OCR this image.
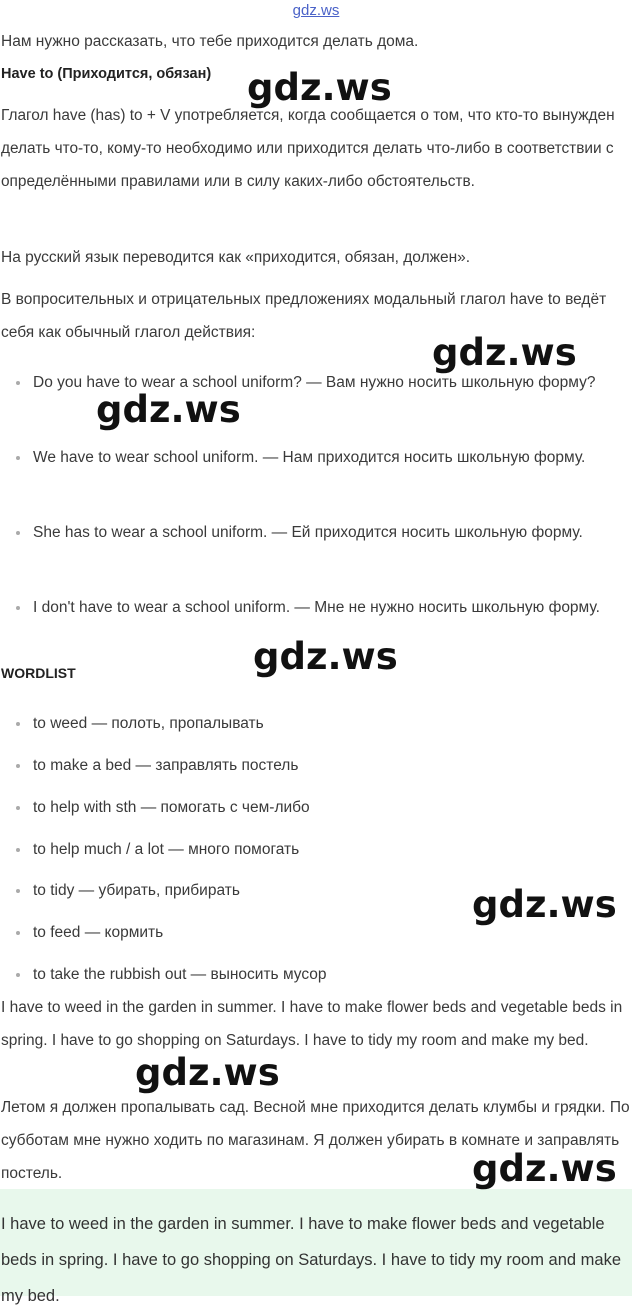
gdz.ws

Нам нужно рассказать, что тебе приходится делать дома.

Have to (Приходится, обязан)

Глагол have (has) to + V употребляется, когда сообщается о том, что кто-то вынужден делать что-то, кому-то необходимо или приходится делать что-либо в соответствии с определёнными правилами или в силу каких-либо обстоятельств.

На русский язык переводится как «приходится, обязан, должен».

В вопросительных и отрицательных предложениях модальный глагол have to ведёт себя как обычный глагол действия:

Do you have to wear a school uniform? — Вам нужно носить школьную форму?
We have to wear school uniform. — Нам приходится носить школьную форму.
She has to wear a school uniform. — Ей приходится носить школьную форму.
I don't have to wear a school uniform. — Мне не нужно носить школьную форму.

WORDLIST

to weed — полоть, пропалывать
to make a bed — заправлять постель
to help with sth — помогать с чем-либо
to help much / a lot — много помогать
to tidy — убирать, прибирать
to feed — кормить
to take the rubbish out — выносить мусор

I have to weed in the garden in summer. I have to make flower beds and vegetable beds in spring. I have to go shopping on Saturdays. I have to tidy my room and make my bed.

Летом я должен пропалывать сад. Весной мне приходится делать клумбы и грядки. По субботам мне нужно ходить по магазинам. Я должен убирать в комнате и заправлять постель.

I have to weed in the garden in summer. I have to make flower beds and vegetable beds in spring. I have to go shopping on Saturdays. I have to tidy my room and make my bed.

gdz.ws
gdz.ws
gdz.ws
gdz.ws
gdz.ws
gdz.ws
gdz.ws
